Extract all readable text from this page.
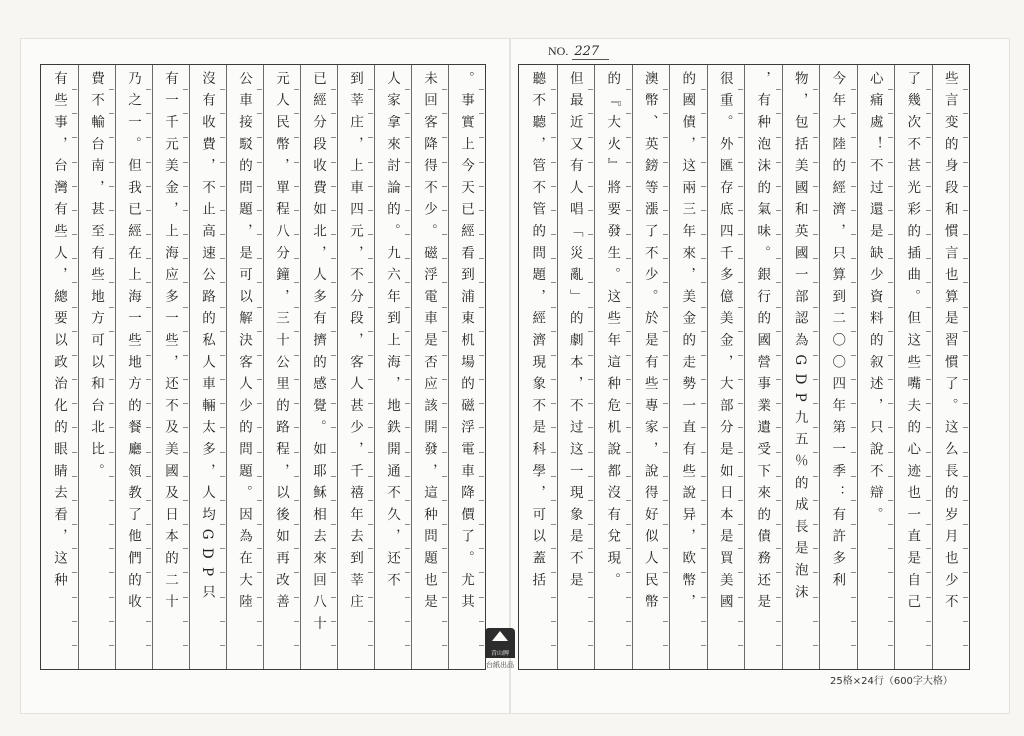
NO. 227
。事實上今天已經看到浦東机場的磁浮電車降價了。尤其
未回客降得不少。磁浮電車是否应該開發，這种問題也是
人家拿來討論的。九六年到上海，地鉄開通不久，还不
到莘庄，上車四元，不分段，客人甚少，千禧年去到莘庄
已經分段收費如北，人多有擠的感覺。如耶稣相去來回八十
元人民幣，單程八分鐘，三十公里的路程，以後如再改善
公車接駁的問題，是可以解決客人少的問題。因為在大陸
沒有收費，不止高速公路的私人車輛太多，人均GDP只
有一千元美金，上海应多一些，还不及美國及日本的二十
乃之一。但我已經在上海一些地方的餐廳領教了他們的收
費不輸台南，甚至有些地方可以和台北比。
有些事，台灣有些人，總要以政治化的眼睛去看，这种	些言变的身段和慣言也算是習慣了。这么長的岁月也少不
了幾次不甚光彩的插曲。但这些嘴夫的心迹也一直是自己
心痛處！不过還是缺少資料的叙述，只說不辯。
今年大陸的經濟，只算到二〇〇四年第一季：有許多利
物，包括美國和英國一部認為GDP九五％的成長是泡沫
，有种泡沫的氣味。銀行的國營事業遺受下來的債務还是
很重。外匯存底四千多億美金，大部分是如日本是買美國
的國債，这兩三年來，美金的走勢一直有些說异，欧幣，
澳幣、英鎊等漲了不少。於是有些專家，說得好似人民幣
的『大火』將要發生。这些年這种危机說都沒有兌現。
但最近又有人唱「災亂」的劇本，不过这一現象是不是
聽不聽，管不管的問題，經濟現象不是科學，可以蓋括
青山牌
台紙出品
25格×24行（600字大格）
